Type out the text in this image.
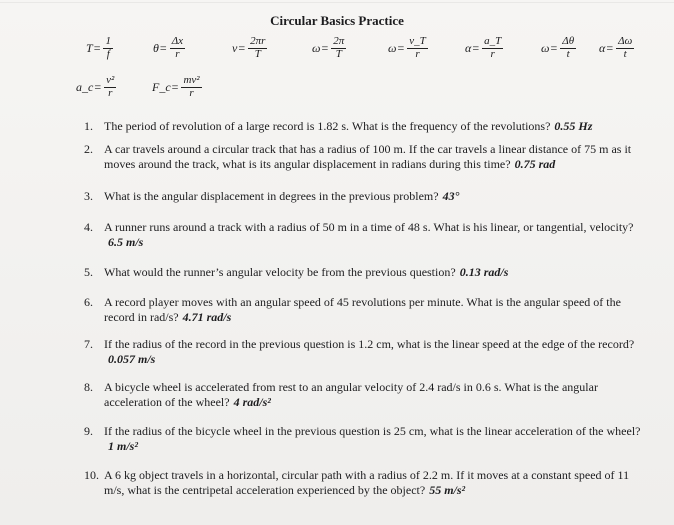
Circular Basics Practice
$T = \frac{1}{f}$	$\theta = \frac{\Delta x}{r}$	$v = \frac{2\pi r}{T}$	$\omega = \frac{2\pi}{T}$	$\omega = \frac{v\_T}{r}$	$\alpha = \frac{a\_T}{r}$	$\omega = \frac{\Delta\theta}{t}$ $\alpha = \frac{\Delta\omega}{t}$
a_c = $\frac{\text{v²}}{r}$	F_c = $\frac{\text{mv²}}{r}$
1. The period of revolution of a large record is 1.82 s. What is the frequency of the revolutions? 0.55 Hz
2. A car travels around a circular track that has a radius of 100 m. If the car travels a linear distance of 75 m as it moves around the track, what is its angular displacement in radians during this time? 0.75 rad
3. What is the angular displacement in degrees in the previous problem? 43°
4. A runner runs around a track with a radius of 50 m in a time of 48 s. What is his linear, or tangential, velocity?6.5 m/s
5. What would the runner’s angular velocity be from the previous question? 0.13 rad/s
6. A record player moves with an angular speed of 45 revolutions per minute. What is the angular speed of the record in rad/s? 4.71 rad/s
7. If the radius of the record in the previous question is 1.2 cm, what is the linear speed at the edge of the record?0.057 m/s
8. A bicycle wheel is accelerated from rest to an angular velocity of 2.4 rad/s in 0.6 s. What is the angular acceleration of the wheel? 4 rad/s²
9. If the radius of the bicycle wheel in the previous question is 25 cm, what is the linear acceleration of the wheel?1 m/s²
10. A 6 kg object travels in a horizontal, circular path with a radius of 2.2 m. If it moves at a constant speed of 11 m/s, what is the centripetal acceleration experienced by the object? 55 m/s²
